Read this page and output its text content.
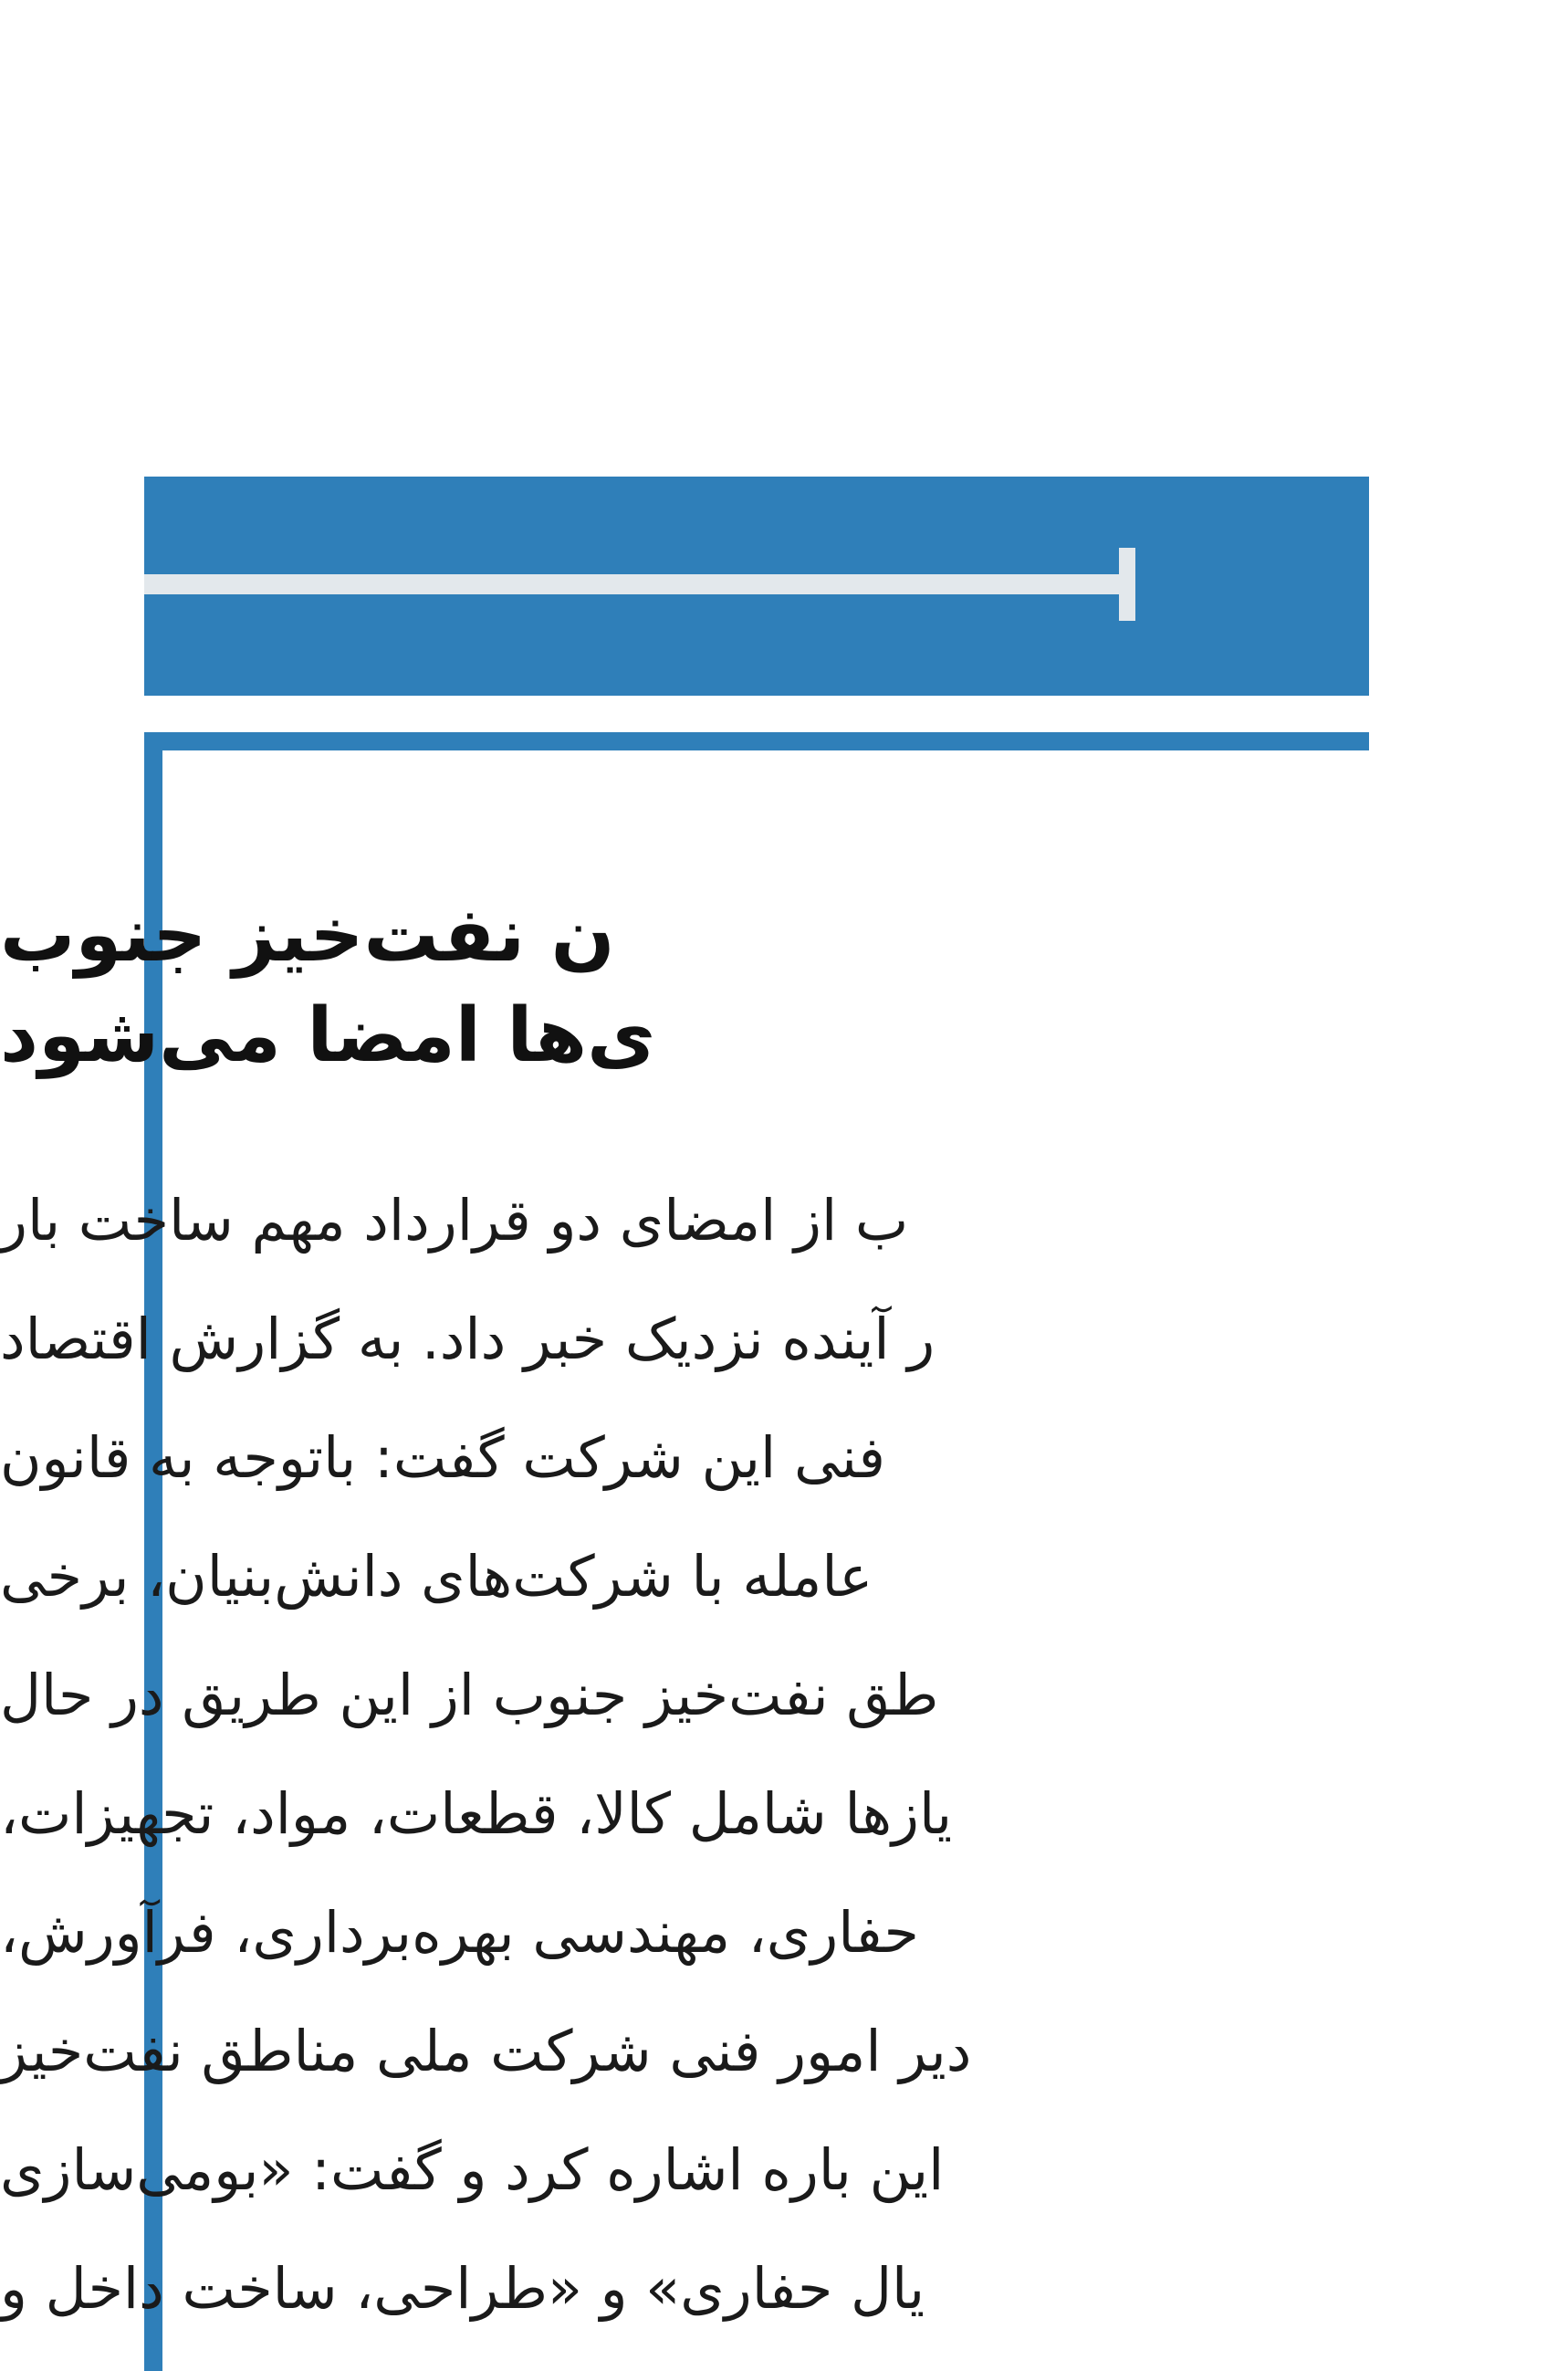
ت‌ها
ن نفت‌خیز جنوب
ی‌ها امضا می‌شود
ب از امضای دو قرارداد مهم ساخت بار
ر آینده نزدیک خبر داد. به گزارش اقتصاد
فنی این شرکت گفت: باتوجه به قانون
عامله با شرکت‌های دانش‌بنیان، برخی
طق نفت‌خیز جنوب از این طریق در حال
یازها شامل کالا، قطعات، مواد، تجهیزات،
حفاری، مهندسی بهره‌برداری، فرآورش،
دیر امور فنی شرکت ملی مناطق نفت‌خیز
این باره اشاره کرد و گفت: «بومی‌سازی
یال حفاری» و «طراحی، ساخت داخل و
